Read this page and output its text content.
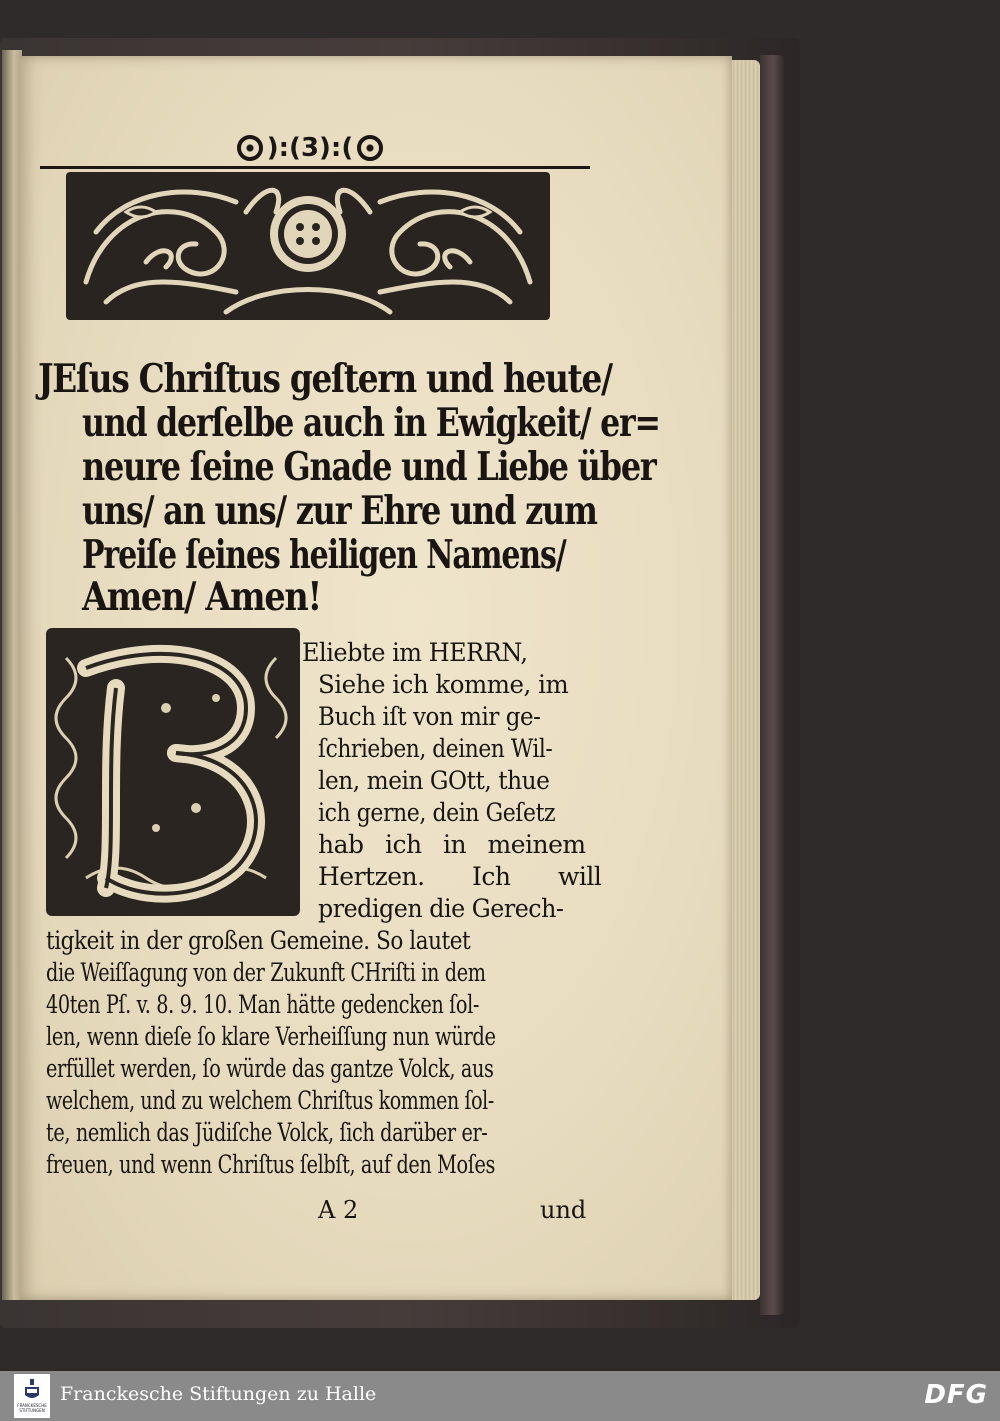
):(3):(
JEſus Chriſtus geſtern und heute/
und derſelbe auch in Ewigkeit/ er=
neure ſeine Gnade und Liebe über
uns/ an uns/ zur Ehre und zum
Preiſe ſeines heiligen Namens/
Amen/ Amen!
Eliebte im HERRN,
Siehe ich komme, im
Buch iſt von mir ge-
ſchrieben, deinen Wil-
len, mein GOtt, thue
ich gerne, dein Geſetz
hab ich in meinem
Hertzen. Ich will
predigen die Gerech-
tigkeit in der großen Gemeine. So lautet
die Weiſſagung von der Zukunft CHriſti in dem
40ten Pſ. v. 8. 9. 10. Man hätte gedencken ſol-
len, wenn dieſe ſo klare Verheiſſung nun würde
erfüllet werden, ſo würde das gantze Volck, aus
welchem, und zu welchem Chriſtus kommen ſol-
te, nemlich das Jüdiſche Volck, ſich darüber er-
freuen, und wenn Chriſtus ſelbſt, auf den Moſes
A 2	und
FRANCKESCHE STIFTUNGEN
Franckesche Stiftungen zu Halle	DFG
